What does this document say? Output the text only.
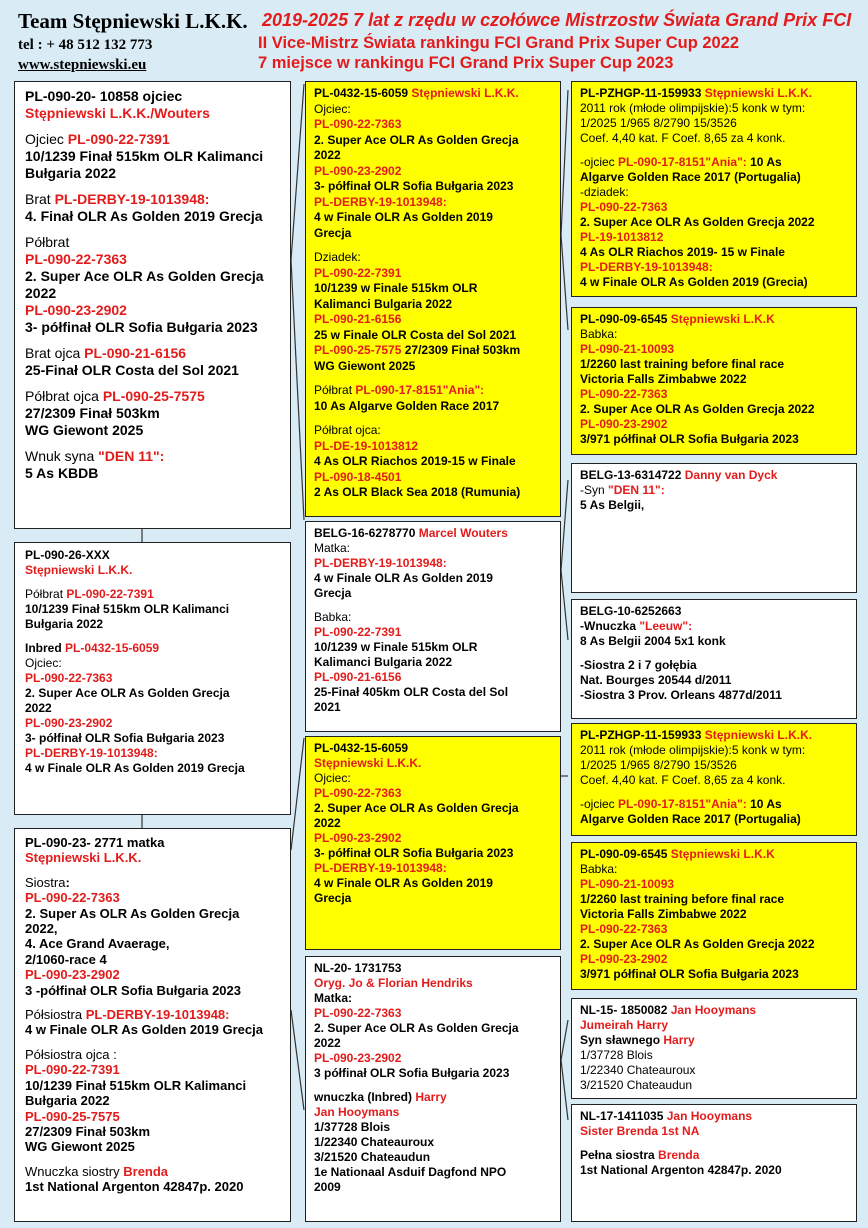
Team Stępniewski L.K.K.
tel : + 48 512 132 773
www.stepniewski.eu
2019-2025 7 lat z rzędu w czołówce Mistrzostw Świata Grand Prix FCI
II Vice-Mistrz Świata rankingu FCI Grand Prix Super Cup 2022
7 miejsce w rankingu FCI Grand Prix Super Cup 2023
PL-090-20- 10858 ojciec
Stępniewski L.K.K./Wouters
Ojciec PL-090-22-7391
10/1239 Finał 515km OLR Kalimanci
Bułgaria 2022
Brat PL-DERBY-19-1013948:
4. Finał OLR As Golden 2019 Grecja
Półbrat
PL-090-22-7363
2. Super Ace OLR As Golden Grecja
2022
PL-090-23-2902
3- półfinał OLR Sofia Bułgaria 2023
Brat ojca PL-090-21-6156
25-Finał OLR Costa del Sol 2021
Półbrat ojca PL-090-25-7575
27/2309 Finał 503km
WG Giewont 2025
Wnuk syna "DEN 11":
5 As KBDB
PL-090-26-XXX
Stępniewski L.K.K.
Półbrat PL-090-22-7391
10/1239 Finał 515km OLR Kalimanci
Bułgaria 2022
Inbred PL-0432-15-6059
Ojciec:
PL-090-22-7363
2. Super Ace OLR As Golden Grecja
2022
PL-090-23-2902
3- półfinał OLR Sofia Bułgaria 2023
PL-DERBY-19-1013948:
4 w Finale OLR As Golden 2019 Grecja
PL-090-23- 2771 matka
Stępniewski L.K.K.
Siostra:
PL-090-22-7363
2. Super As OLR As Golden Grecja
2022,
4. Ace Grand Avaerage,
2/1060-race 4
PL-090-23-2902
3 -półfinał OLR Sofia Bułgaria 2023
Półsiostra PL-DERBY-19-1013948:
4 w Finale OLR As Golden 2019 Grecja
Półsiostra ojca :
PL-090-22-7391
10/1239 Finał 515km OLR Kalimanci
Bułgaria 2022
PL-090-25-7575
27/2309 Finał 503km
WG Giewont 2025
Wnuczka siostry Brenda
1st National Argenton 42847p. 2020
PL-0432-15-6059 Stępniewski L.K.K.
Ojciec:
PL-090-22-7363
2. Super Ace OLR As Golden Grecja
2022
PL-090-23-2902
3- półfinał OLR Sofia Bułgaria 2023
PL-DERBY-19-1013948:
4 w Finale OLR As Golden 2019
Grecja
Dziadek:
PL-090-22-7391
10/1239 w Finale 515km OLR
Kalimanci Bulgaria 2022
PL-090-21-6156
25 w Finale OLR Costa del Sol 2021
PL-090-25-7575 27/2309 Finał 503km
WG Giewont 2025
Półbrat PL-090-17-8151"Ania":
10 As Algarve Golden Race 2017
Półbrat ojca:
PL-DE-19-1013812
4 As OLR Riachos 2019-15 w Finale
PL-090-18-4501
2 As OLR Black Sea 2018 (Rumunia)
BELG-16-6278770 Marcel Wouters
Matka:
PL-DERBY-19-1013948:
4 w Finale OLR As Golden 2019
Grecja
Babka:
PL-090-22-7391
10/1239 w Finale 515km OLR
Kalimanci Bulgaria 2022
PL-090-21-6156
25-Finał 405km OLR Costa del Sol
2021
PL-0432-15-6059
Stępniewski L.K.K.
Ojciec:
PL-090-22-7363
2. Super Ace OLR As Golden Grecja
2022
PL-090-23-2902
3- półfinał OLR Sofia Bułgaria 2023
PL-DERBY-19-1013948:
4 w Finale OLR As Golden 2019
Grecja
NL-20- 1731753
Oryg. Jo & Florian Hendriks
Matka:
PL-090-22-7363
2. Super Ace OLR As Golden Grecja
2022
PL-090-23-2902
3 półfinał OLR Sofia Bułgaria 2023
wnuczka (Inbred) Harry
Jan Hooymans
1/37728 Blois
1/22340 Chateauroux
3/21520 Chateaudun
1e Nationaal Asduif Dagfond NPO
2009
PL-PZHGP-11-159933 Stępniewski L.K.K.
2011 rok (młode olimpijskie):5 konk w tym:
1/2025 1/965 8/2790 15/3526
Coef. 4,40 kat. F Coef. 8,65 za 4 konk.
-ojciec PL-090-17-8151"Ania": 10 As
Algarve Golden Race 2017 (Portugalia)
-dziadek:
PL-090-22-7363
2. Super Ace OLR As Golden Grecja 2022
PL-19-1013812
4 As OLR Riachos 2019- 15 w Finale
PL-DERBY-19-1013948:
4 w Finale OLR As Golden 2019 (Grecia)
PL-090-09-6545 Stępniewski L.K.K
Babka:
PL-090-21-10093
1/2260 last training before final race
Victoria Falls Zimbabwe 2022
PL-090-22-7363
2. Super Ace OLR As Golden Grecja 2022
PL-090-23-2902
3/971 półfinał OLR Sofia Bułgaria 2023
BELG-13-6314722 Danny van Dyck
-Syn "DEN 11":
5 As Belgii,
BELG-10-6252663
-Wnuczka "Leeuw":
8 As Belgii 2004 5x1 konk
-Siostra 2 i 7 gołębia
Nat. Bourges 20544 d/2011
-Siostra 3 Prov. Orleans 4877d/2011
PL-PZHGP-11-159933 Stępniewski L.K.K.
2011 rok (młode olimpijskie):5 konk w tym:
1/2025 1/965 8/2790 15/3526
Coef. 4,40 kat. F Coef. 8,65 za 4 konk.
-ojciec PL-090-17-8151"Ania": 10 As
Algarve Golden Race 2017 (Portugalia)
PL-090-09-6545 Stępniewski L.K.K
Babka:
PL-090-21-10093
1/2260 last training before final race
Victoria Falls Zimbabwe 2022
PL-090-22-7363
2. Super Ace OLR As Golden Grecja 2022
PL-090-23-2902
3/971 półfinał OLR Sofia Bułgaria 2023
NL-15- 1850082 Jan Hooymans
Jumeirah Harry
Syn sławnego Harry
1/37728 Blois
1/22340 Chateauroux
3/21520 Chateaudun
NL-17-1411035 Jan Hooymans
Sister Brenda 1st NA
Pełna siostra Brenda
1st National Argenton 42847p. 2020
